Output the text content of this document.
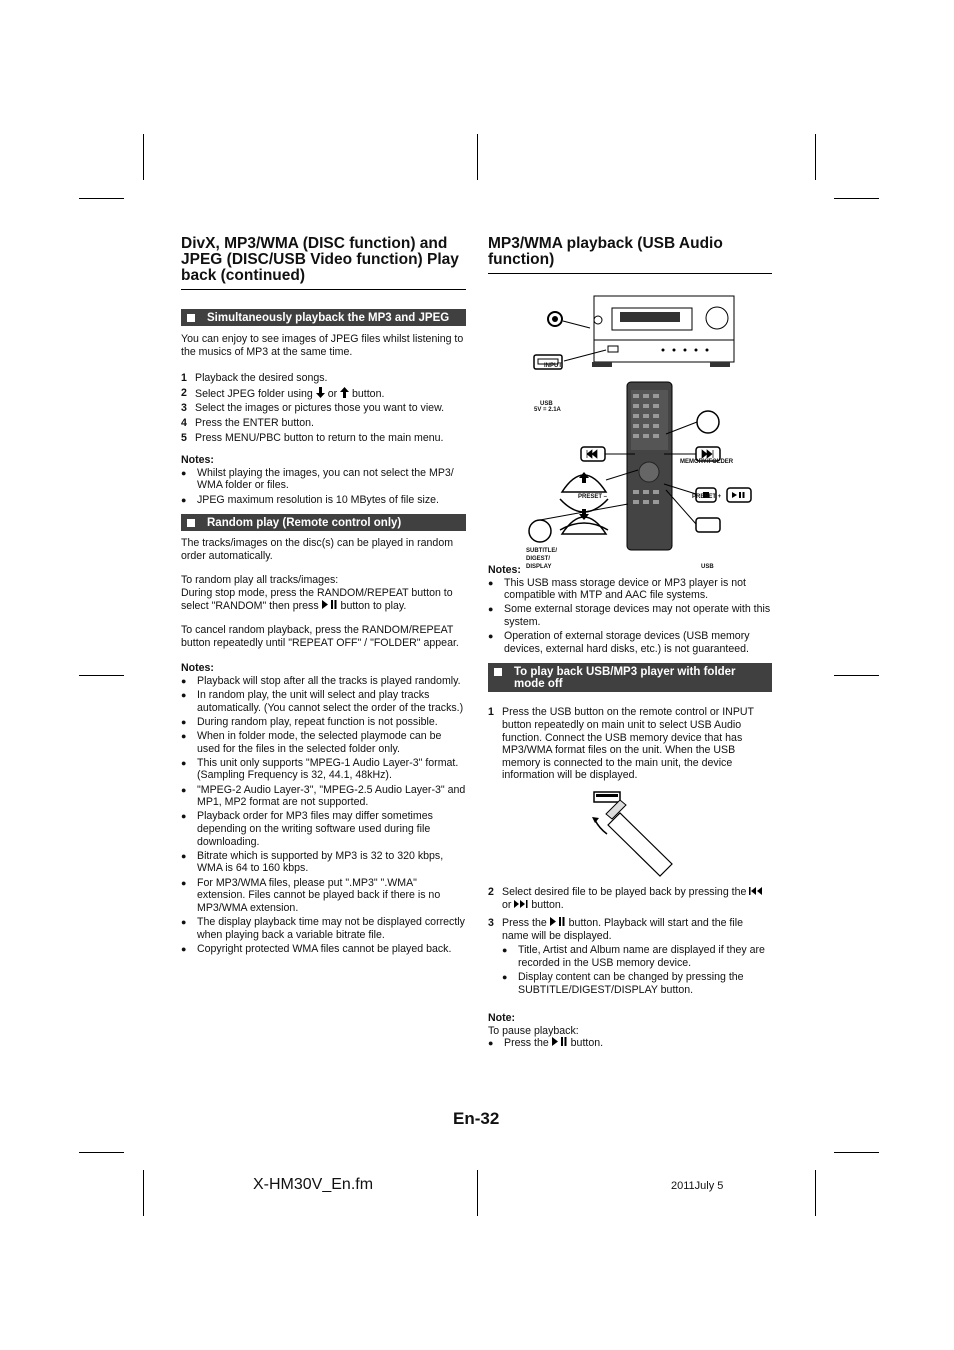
DivX, MP3/WMA (DISC function) and JPEG (DISC/USB Video function) Play back (continued)
Simultaneously playback the MP3 and JPEG

You can enjoy to see images of JPEG files whilst listening to the musics of MP3 at the same time.

1 Playback the desired songs.
2 Select JPEG folder using or button.
3 Select the images or pictures those you want to view.
4 Press the ENTER button.
5 Press MENU/PBC button to return to the main menu.

Notes:

● Whilst playing the images, you can not select the MP3/ WMA folder or files.
● JPEG maximum resolution is 10 MBytes of file size.
Random play (Remote control only)

The tracks/images on the disc(s) can be played in random order automatically.

To random play all tracks/images:

During stop mode, press the RANDOM/REPEAT button to select "RANDOM" then press button to play.

To cancel random playback, press the RANDOM/REPEAT button repeatedly until "REPEAT OFF" / "FOLDER" appear.

Notes:

● Playback will stop after all the tracks is played randomly.
● In random play, the unit will select and play tracks automatically. (You cannot select the order of the tracks.)
● During random play, repeat function is not possible.
● When in folder mode, the selected playmode can be used for the files in the selected folder only.
● This unit only supports "MPEG-1 Audio Layer-3" format. (Sampling Frequency is 32, 44.1, 48kHz).
● "MPEG-2 Audio Layer-3", "MPEG-2.5 Audio Layer-3" and MP1, MP2 format are not supported.
● Playback order for MP3 files may differ sometimes depending on the writing software used during file downloading.
● Bitrate which is supported by MP3 is 32 to 320 kbps, WMA is 64 to 160 kbps.
● For MP3/WMA files, please put ".MP3" ".WMA" extension. Files cannot be played back if there is no MP3/WMA extension.
● The display playback time may not be displayed correctly when playing back a variable bitrate file.
● Copyright protected WMA files cannot be played back.
MP3/WMA playback (USB Audio function)
INPUT
USB
5V = 2.1A
MEMORY/FOLDER
PRESET –	PRESET +
SUBTITLE/
DIGEST/
DISPLAY	USB

Notes:

● This USB mass storage device or MP3 player is not compatible with MTP and AAC file systems.
● Some external storage devices may not operate with this system.
● Operation of external storage devices (USB memory devices, external hard disks, etc.) is not guaranteed.
To play back USB/MP3 player with folder mode off
1 Press the USB button on the remote control or INPUT button repeatedly on main unit to select USB Audio function. Connect the USB memory device that has MP3/WMA format files on the unit. When the USB memory is connected to the main unit, the device information will be displayed.
2 Select desired file to be played back by pressing the  or button.
3 Press the button. Playback will start and the file name will be displayed.
● Title, Artist and Album name are displayed if they are recorded in the USB memory device.
● Display content can be changed by pressing the SUBTITLE/DIGEST/DISPLAY button.

Note:

To pause playback:

● Press the button.
En-32
X-HM30V_En.fm	2011July 5
